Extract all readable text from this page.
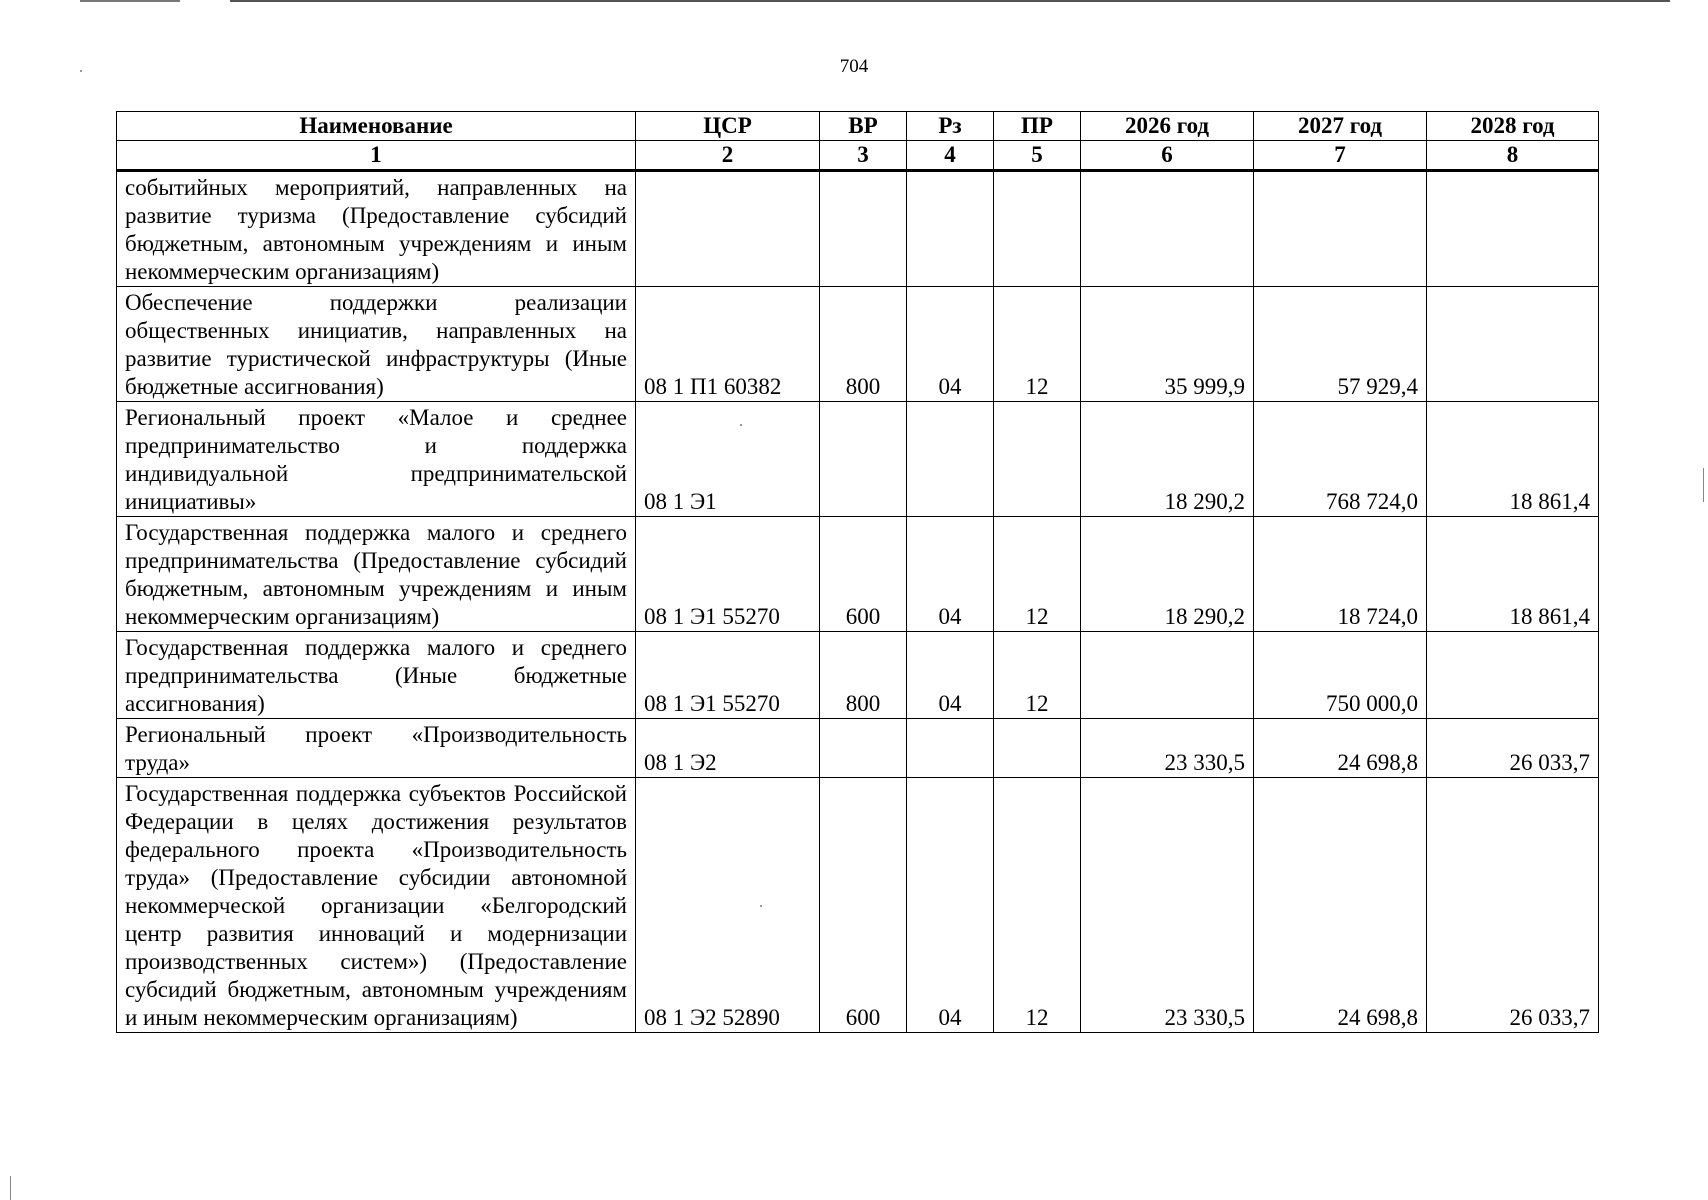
704
Наименование	ЦСР	ВР	Рз	ПР	2026 год	2027 год	2028 год
1	2	3	4	5	6	7	8
событийных мероприятий, направленных на развитие туризма (Предоставление субсидий бюджетным, автономным учреждениям и иным некоммерческим организациям)							
Обеспечение поддержки реализации общественных инициатив, направленных на развитие туристической инфраструктуры (Иные бюджетные ассигнования)	08 1 П1 60382	800	04	12	35 999,9	57 929,4	
Региональный проект «Малое и среднее предпринимательство и поддержка индивидуальной предпринимательской инициативы»	08 1 Э1				18 290,2	768 724,0	18 861,4
Государственная поддержка малого и среднего предпринимательства (Предоставление субсидий бюджетным, автономным учреждениям и иным некоммерческим организациям)	08 1 Э1 55270	600	04	12	18 290,2	18 724,0	18 861,4
Государственная поддержка малого и среднего предпринимательства (Иные бюджетные ассигнования)	08 1 Э1 55270	800	04	12		750 000,0	
Региональный проект «Производительность труда»	08 1 Э2				23 330,5	24 698,8	26 033,7
Государственная поддержка субъектов Российской Федерации в целях достижения результатов федерального проекта «Производительность труда» (Предоставление субсидии автономной некоммерческой организации «Белгородский центр развития инноваций и модернизации производственных систем») (Предоставление субсидий бюджетным, автономным учреждениям и иным некоммерческим организациям)	08 1 Э2 52890	600	04	12	23 330,5	24 698,8	26 033,7
